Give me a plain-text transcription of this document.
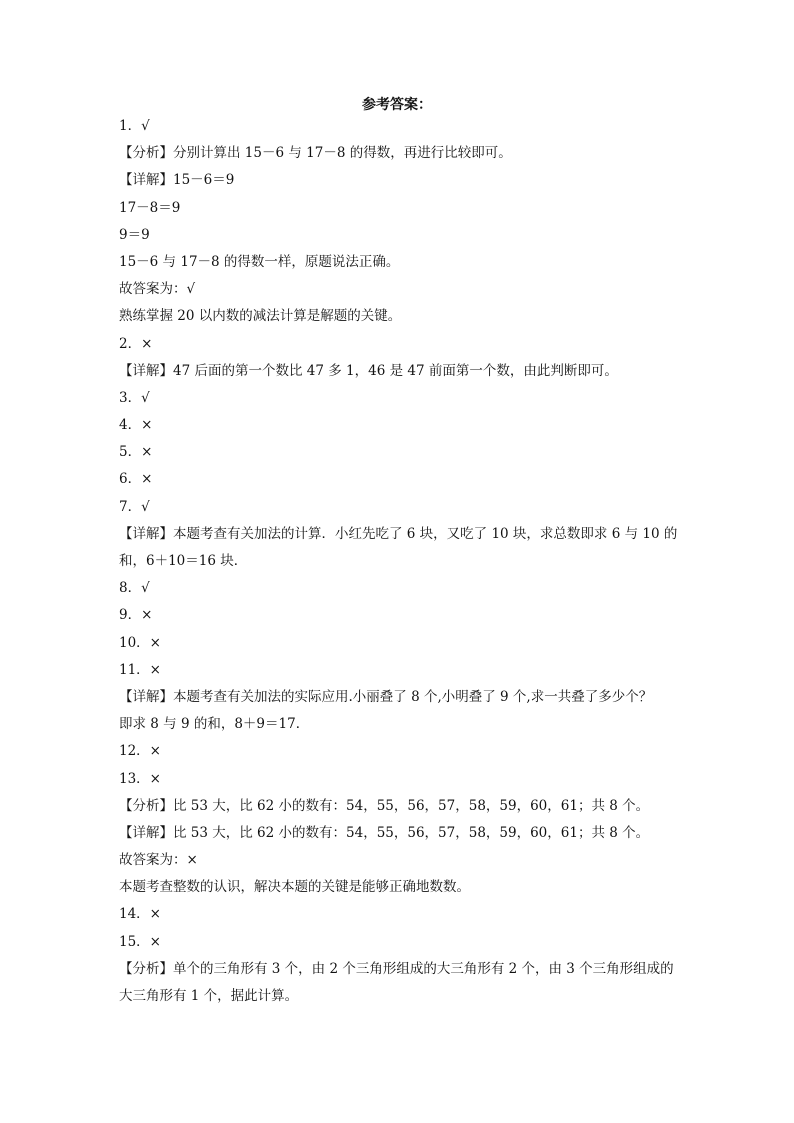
参考答案：
1．√
【分析】分别计算出 15－6 与 17－8 的得数，再进行比较即可。
【详解】15－6＝9
17－8＝9
9＝9
15－6 与 17－8 的得数一样，原题说法正确。
故答案为：√
熟练掌握 20 以内数的减法计算是解题的关键。
2．×
【详解】47 后面的第一个数比 47 多 1，46 是 47 前面第一个数，由此判断即可。
3．√
4．×
5．×
6．×
7．√
【详解】本题考查有关加法的计算．小红先吃了 6 块，又吃了 10 块，求总数即求 6 与 10 的
和，6＋10＝16 块．
8．√
9．×
10．×
11．×
【详解】本题考查有关加法的实际应用.小丽叠了 8 个,小明叠了 9 个,求一共叠了多少个？
即求 8 与 9 的和，8＋9＝17．
12．×
13．×
【分析】比 53 大，比 62 小的数有：54，55，56，57，58，59，60，61；共 8 个。
【详解】比 53 大，比 62 小的数有：54，55，56，57，58，59，60，61；共 8 个。
故答案为：×
本题考查整数的认识，解决本题的关键是能够正确地数数。
14．×
15．×
【分析】单个的三角形有 3 个，由 2 个三角形组成的大三角形有 2 个，由 3 个三角形组成的
大三角形有 1 个，据此计算。
